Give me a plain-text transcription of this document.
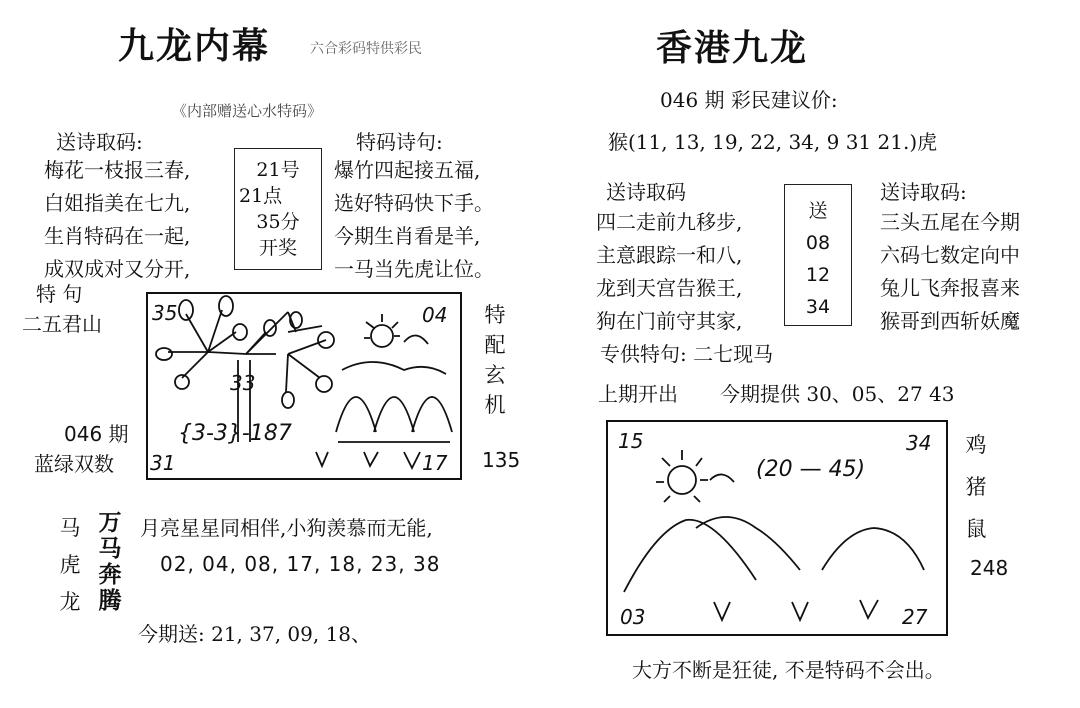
九龙内幕	六合彩码特供彩民
《内部赠送心水特码》
送诗取码:
梅花一枝报三春,
白姐指美在七九,
生肖特码在一起,
成双成对又分开,
21号
21点
35分
开奖
特码诗句:
爆竹四起接五福,
选好特码快下手。
今期生肖看是羊,
一马当先虎让位。
特 句
二五君山
046 期
蓝绿双数
35	04
31	17
{3-3}-187
33
特
配
玄
机
135
马
虎
龙
万
马
奔
腾
月亮星星同相伴,小狗羡慕而无能,
02, 04, 08, 17, 18, 23, 38
今期送: 21, 37, 09, 18、
香港九龙
046 期 彩民建议价:
猴(11, 13, 19, 22, 34, 9 31 21.)虎
送诗取码
四二走前九移步,
主意跟踪一和八,
龙到天宫告猴王,
狗在门前守其家,
送
08
12
34
送诗取码:
三头五尾在今期
六码七数定向中
兔儿飞奔报喜来
猴哥到西斩妖魔
专供特句: 二七现马
上期开出 今期提供 30、05、27 43
15	34
03	27
(20 — 45)
鸡
猪
鼠
248
大方不断是狂徒, 不是特码不会出。
